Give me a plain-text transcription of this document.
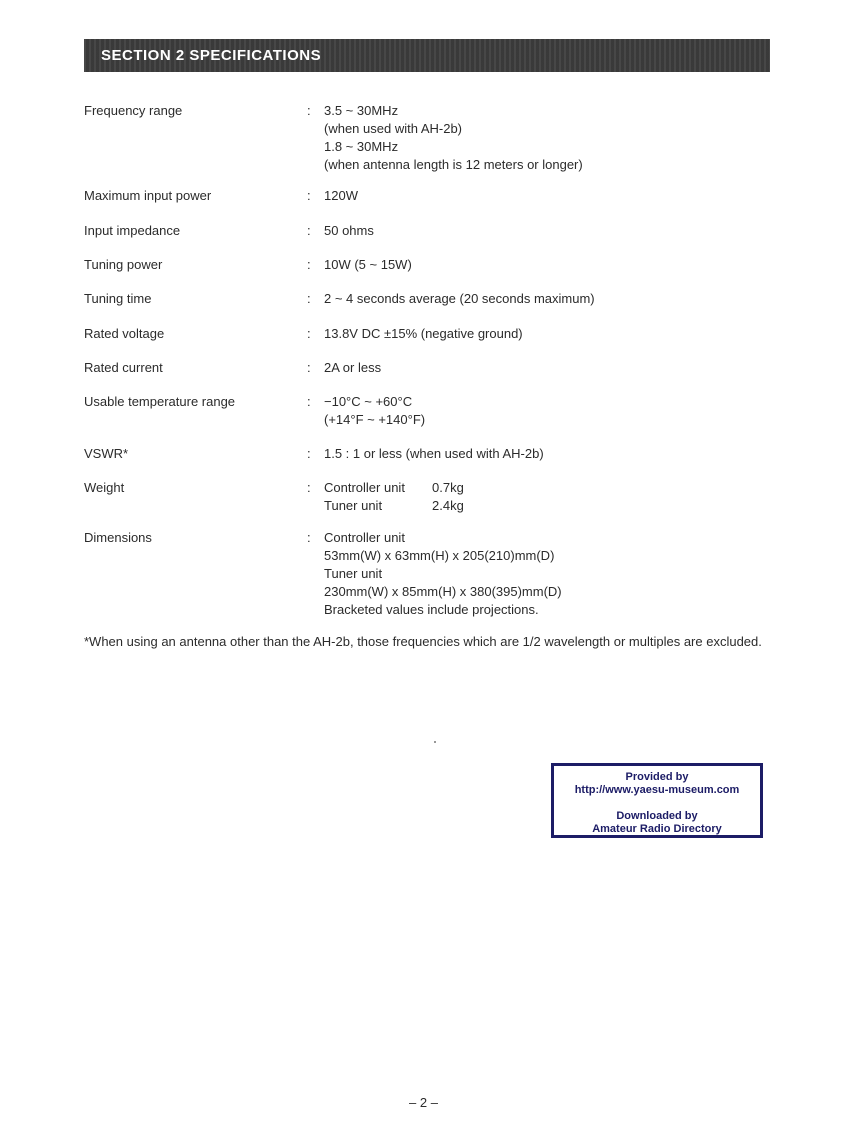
SECTION 2 SPECIFICATIONS
Frequency range	: 3.5 ~ 30MHz
(when used with AH-2b)
1.8 ~ 30MHz
(when antenna length is 12 meters or longer)
Maximum input power	: 120W
Input impedance	: 50 ohms
Tuning power	: 10W (5 ~ 15W)
Tuning time	: 2 ~ 4 seconds average (20 seconds maximum)
Rated voltage	: 13.8V DC ±15% (negative ground)
Rated current	: 2A or less
Usable temperature range	: −10°C ~ +60°C
(+14°F ~ +140°F)
VSWR*	: 1.5 : 1 or less (when used with AH-2b)
Weight	: Controller unit 0.7kg
Tuner unit	2.4kg
Dimensions	: Controller unit
53mm(W) x 63mm(H) x 205(210)mm(D)
Tuner unit
230mm(W) x 85mm(H) x 380(395)mm(D)
Bracketed values include projections.
*When using an antenna other than the AH-2b, those frequencies which are 1/2 wavelength or multiples are excluded.
Provided by
http://www.yaesu-museum.com
Downloaded by
Amateur Radio Directory
– 2 –
